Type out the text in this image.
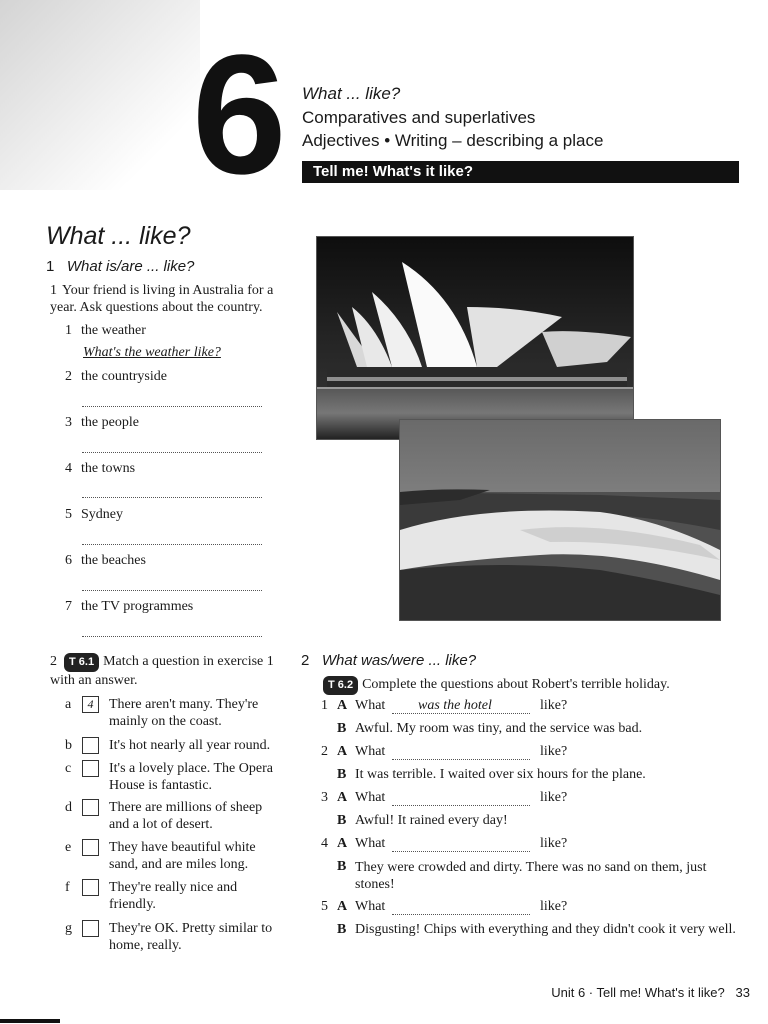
6 What ... like?
Comparatives and superlatives
Adjectives • Writing – describing a place
Tell me! What's it like?
What ... like?
1 What is/are ... like?
1 Your friend is living in Australia for a year. Ask questions about the country.
1 the weather
What's the weather like?
2 the countryside
3 the people
4 the towns
5 Sydney
6 the beaches
7 the TV programmes
2 T 6.1 Match a question in exercise 1
with an answer.
a	4	There aren't many. They're mainly on the coast.
b	It's hot nearly all year round.
c	It's a lovely place. The Opera House is fantastic.
d	There are millions of sheep and a lot of desert.
e	They have beautiful white sand, and are miles long.
f	They're really nice and friendly.
g	They're OK. Pretty similar to home, really.
2 What was/were ... like?
T 6.2 Complete the questions about Robert's terrible holiday.
1 A What was the hotel	like?
B Awful. My room was tiny, and the service was bad.
2 A What	like?
B It was terrible. I waited over six hours for the plane.
3 A What	like?
B Awful! It rained every day!
4 A What	like?
B They were crowded and dirty. There was no sand on them, just stones!
5 A What	like?
B Disgusting! Chips with everything and they didn't cook it very well.
Unit 6 · Tell me! What's it like? 33
